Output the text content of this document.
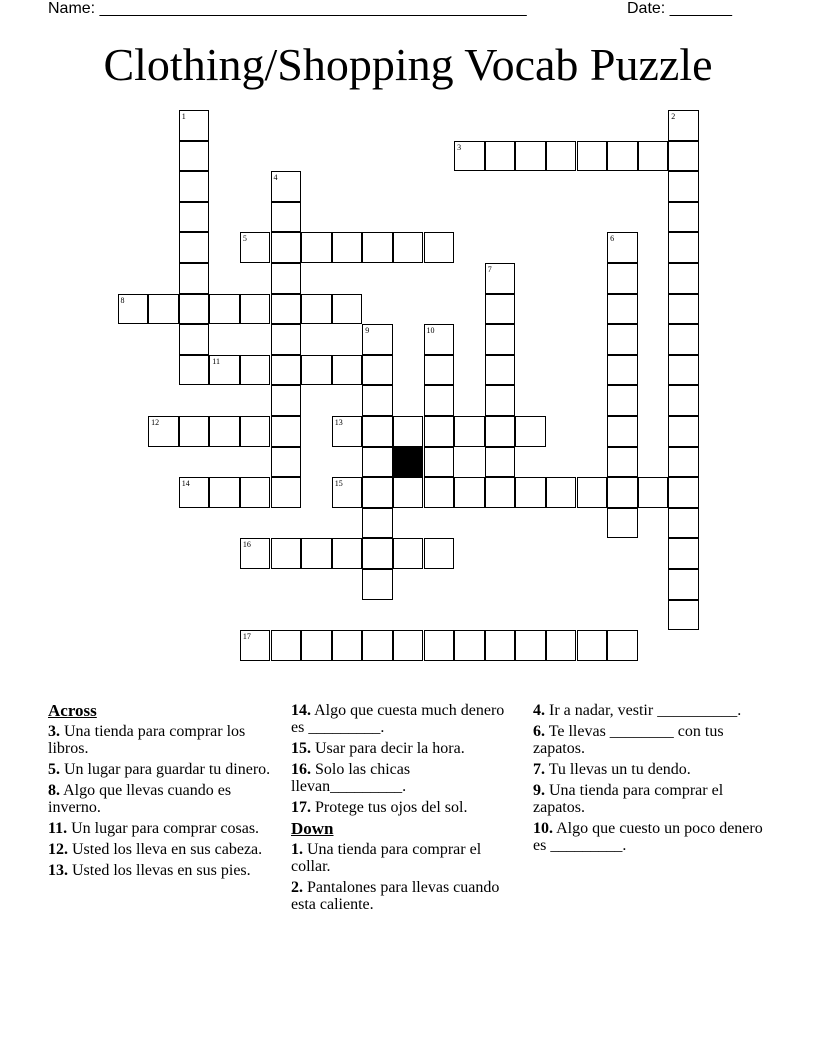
Name: ________________________________________________	Date: _______
Clothing/Shopping Vocab Puzzle
1	2
3
4
5	6
7
8
9	10
11
12	13
14	15
16
17
Across
3. Una tienda para comprar los libros.
5. Un lugar para guardar tu dinero.
8. Algo que llevas cuando es inverno.
11. Un lugar para comprar cosas.
12. Usted los lleva en sus cabeza.
13. Usted los llevas en sus pies.
14. Algo que cuesta much denero es _________.
15. Usar para decir la hora.
16. Solo las chicas llevan_________.
17. Protege tus ojos del sol.
Down
1. Una tienda para comprar el collar.
2. Pantalones para llevas cuando esta caliente.
4. Ir a nadar, vestir __________.
6. Te llevas ________ con tus zapatos.
7. Tu llevas un tu dendo.
9. Una tienda para comprar el zapatos.
10. Algo que cuesto un poco denero es _________.
